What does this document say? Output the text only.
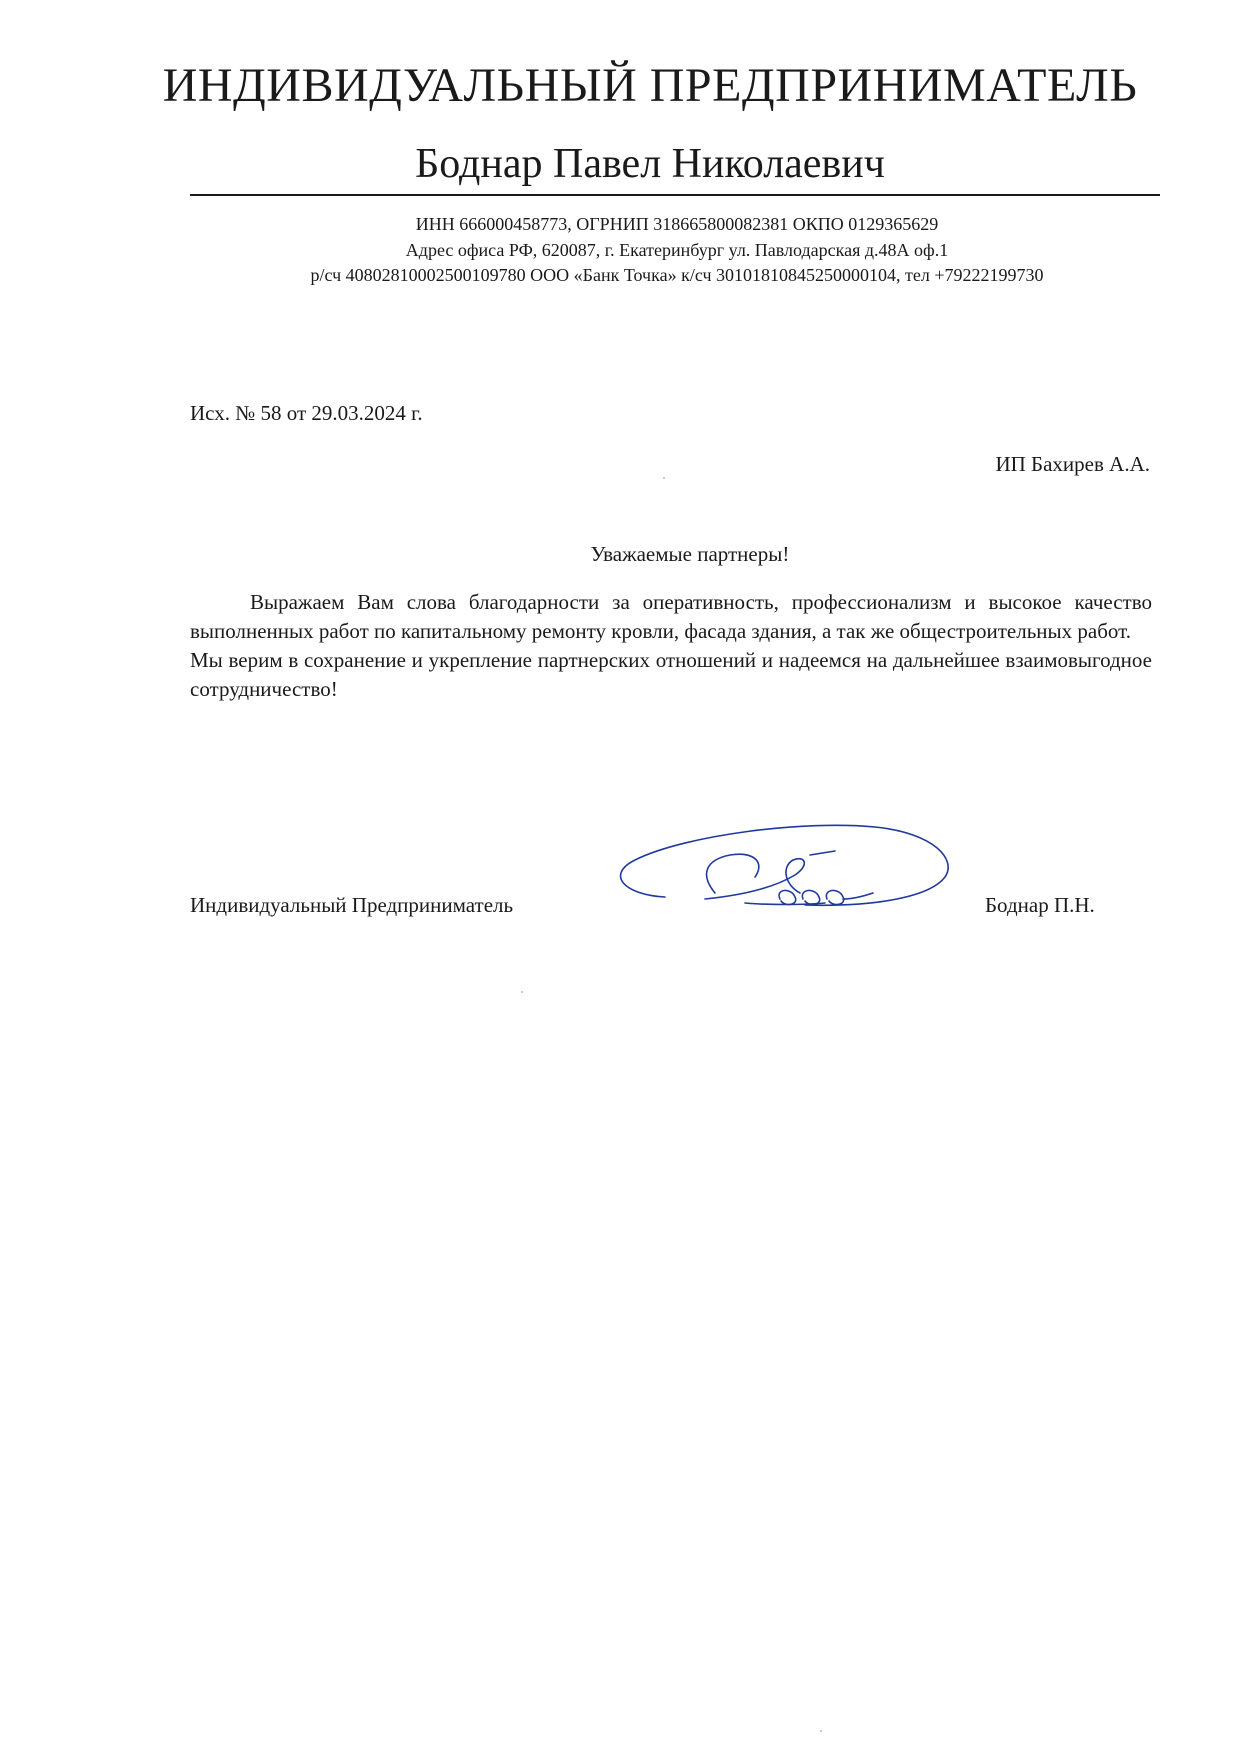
ИНДИВИДУАЛЬНЫЙ ПРЕДПРИНИМАТЕЛЬ
Боднар Павел Николаевич
ИНН 666000458773, ОГРНИП 318665800082381 ОКПО 0129365629
Адрес офиса РФ, 620087, г. Екатеринбург ул. Павлодарская д.48А оф.1
р/сч 40802810002500109780 ООО «Банк Точка» к/сч 30101810845250000104, тел +79222199730
Исх. № 58 от 29.03.2024 г.
ИП Бахирев А.А.
Уважаемые партнеры!

Выражаем Вам слова благодарности за оперативность, профессионализм и высокое качество выполненных работ по капитальному ремонту кровли, фасада здания, а так же общестроительных работ.

Мы верим в сохранение и укрепление партнерских отношений и надеемся на дальнейшее взаимовыгодное сотрудничество!

Индивидуальный Предприниматель	Боднар П.Н.
